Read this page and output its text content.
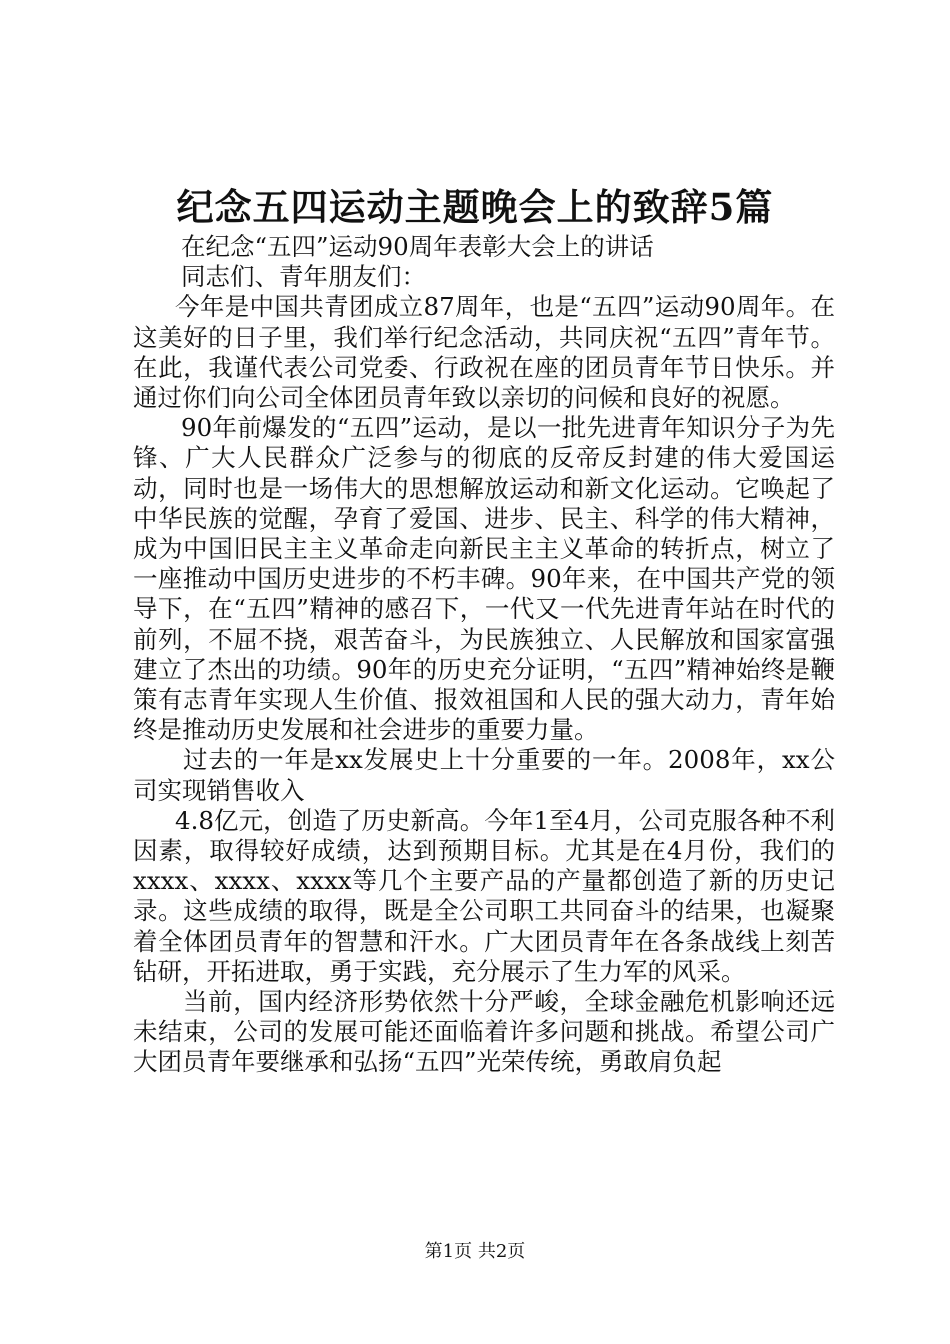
纪念五四运动主题晚会上的致辞5篇

在纪念“五四”运动90周年表彰大会上的讲话

同志们、青年朋友们：

今年是中国共青团成立87周年，也是“五四”运动90周年。在这美好的日子里，我们举行纪念活动，共同庆祝“五四”青年节。在此，我谨代表公司党委、行政祝在座的团员青年节日快乐。并通过你们向公司全体团员青年致以亲切的问候和良好的祝愿。

90年前爆发的“五四”运动，是以一批先进青年知识分子为先锋、广大人民群众广泛参与的彻底的反帝反封建的伟大爱国运动，同时也是一场伟大的思想解放运动和新文化运动。它唤起了中华民族的觉醒，孕育了爱国、进步、民主、科学的伟大精神，成为中国旧民主主义革命走向新民主主义革命的转折点，树立了一座推动中国历史进步的不朽丰碑。90年来，在中国共产党的领导下，在“五四”精神的感召下，一代又一代先进青年站在时代的前列，不屈不挠，艰苦奋斗，为民族独立、人民解放和国家富强建立了杰出的功绩。90年的历史充分证明，“五四”精神始终是鞭策有志青年实现人生价值、报效祖国和人民的强大动力，青年始终是推动历史发展和社会进步的重要力量。

过去的一年是xx发展史上十分重要的一年。2008年，xx公司实现销售收入

4.8亿元，创造了历史新高。今年1至4月，公司克服各种不利因素，取得较好成绩，达到预期目标。尤其是在4月份，我们的xxxx、xxxx、xxxx等几个主要产品的产量都创造了新的历史记录。这些成绩的取得，既是全公司职工共同奋斗的结果，也凝聚着全体团员青年的智慧和汗水。广大团员青年在各条战线上刻苦钻研，开拓进取，勇于实践，充分展示了生力军的风采。

当前，国内经济形势依然十分严峻，全球金融危机影响还远未结束，公司的发展可能还面临着许多问题和挑战。希望公司广大团员青年要继承和弘扬“五四”光荣传统，勇敢肩负起

第1页 共2页
